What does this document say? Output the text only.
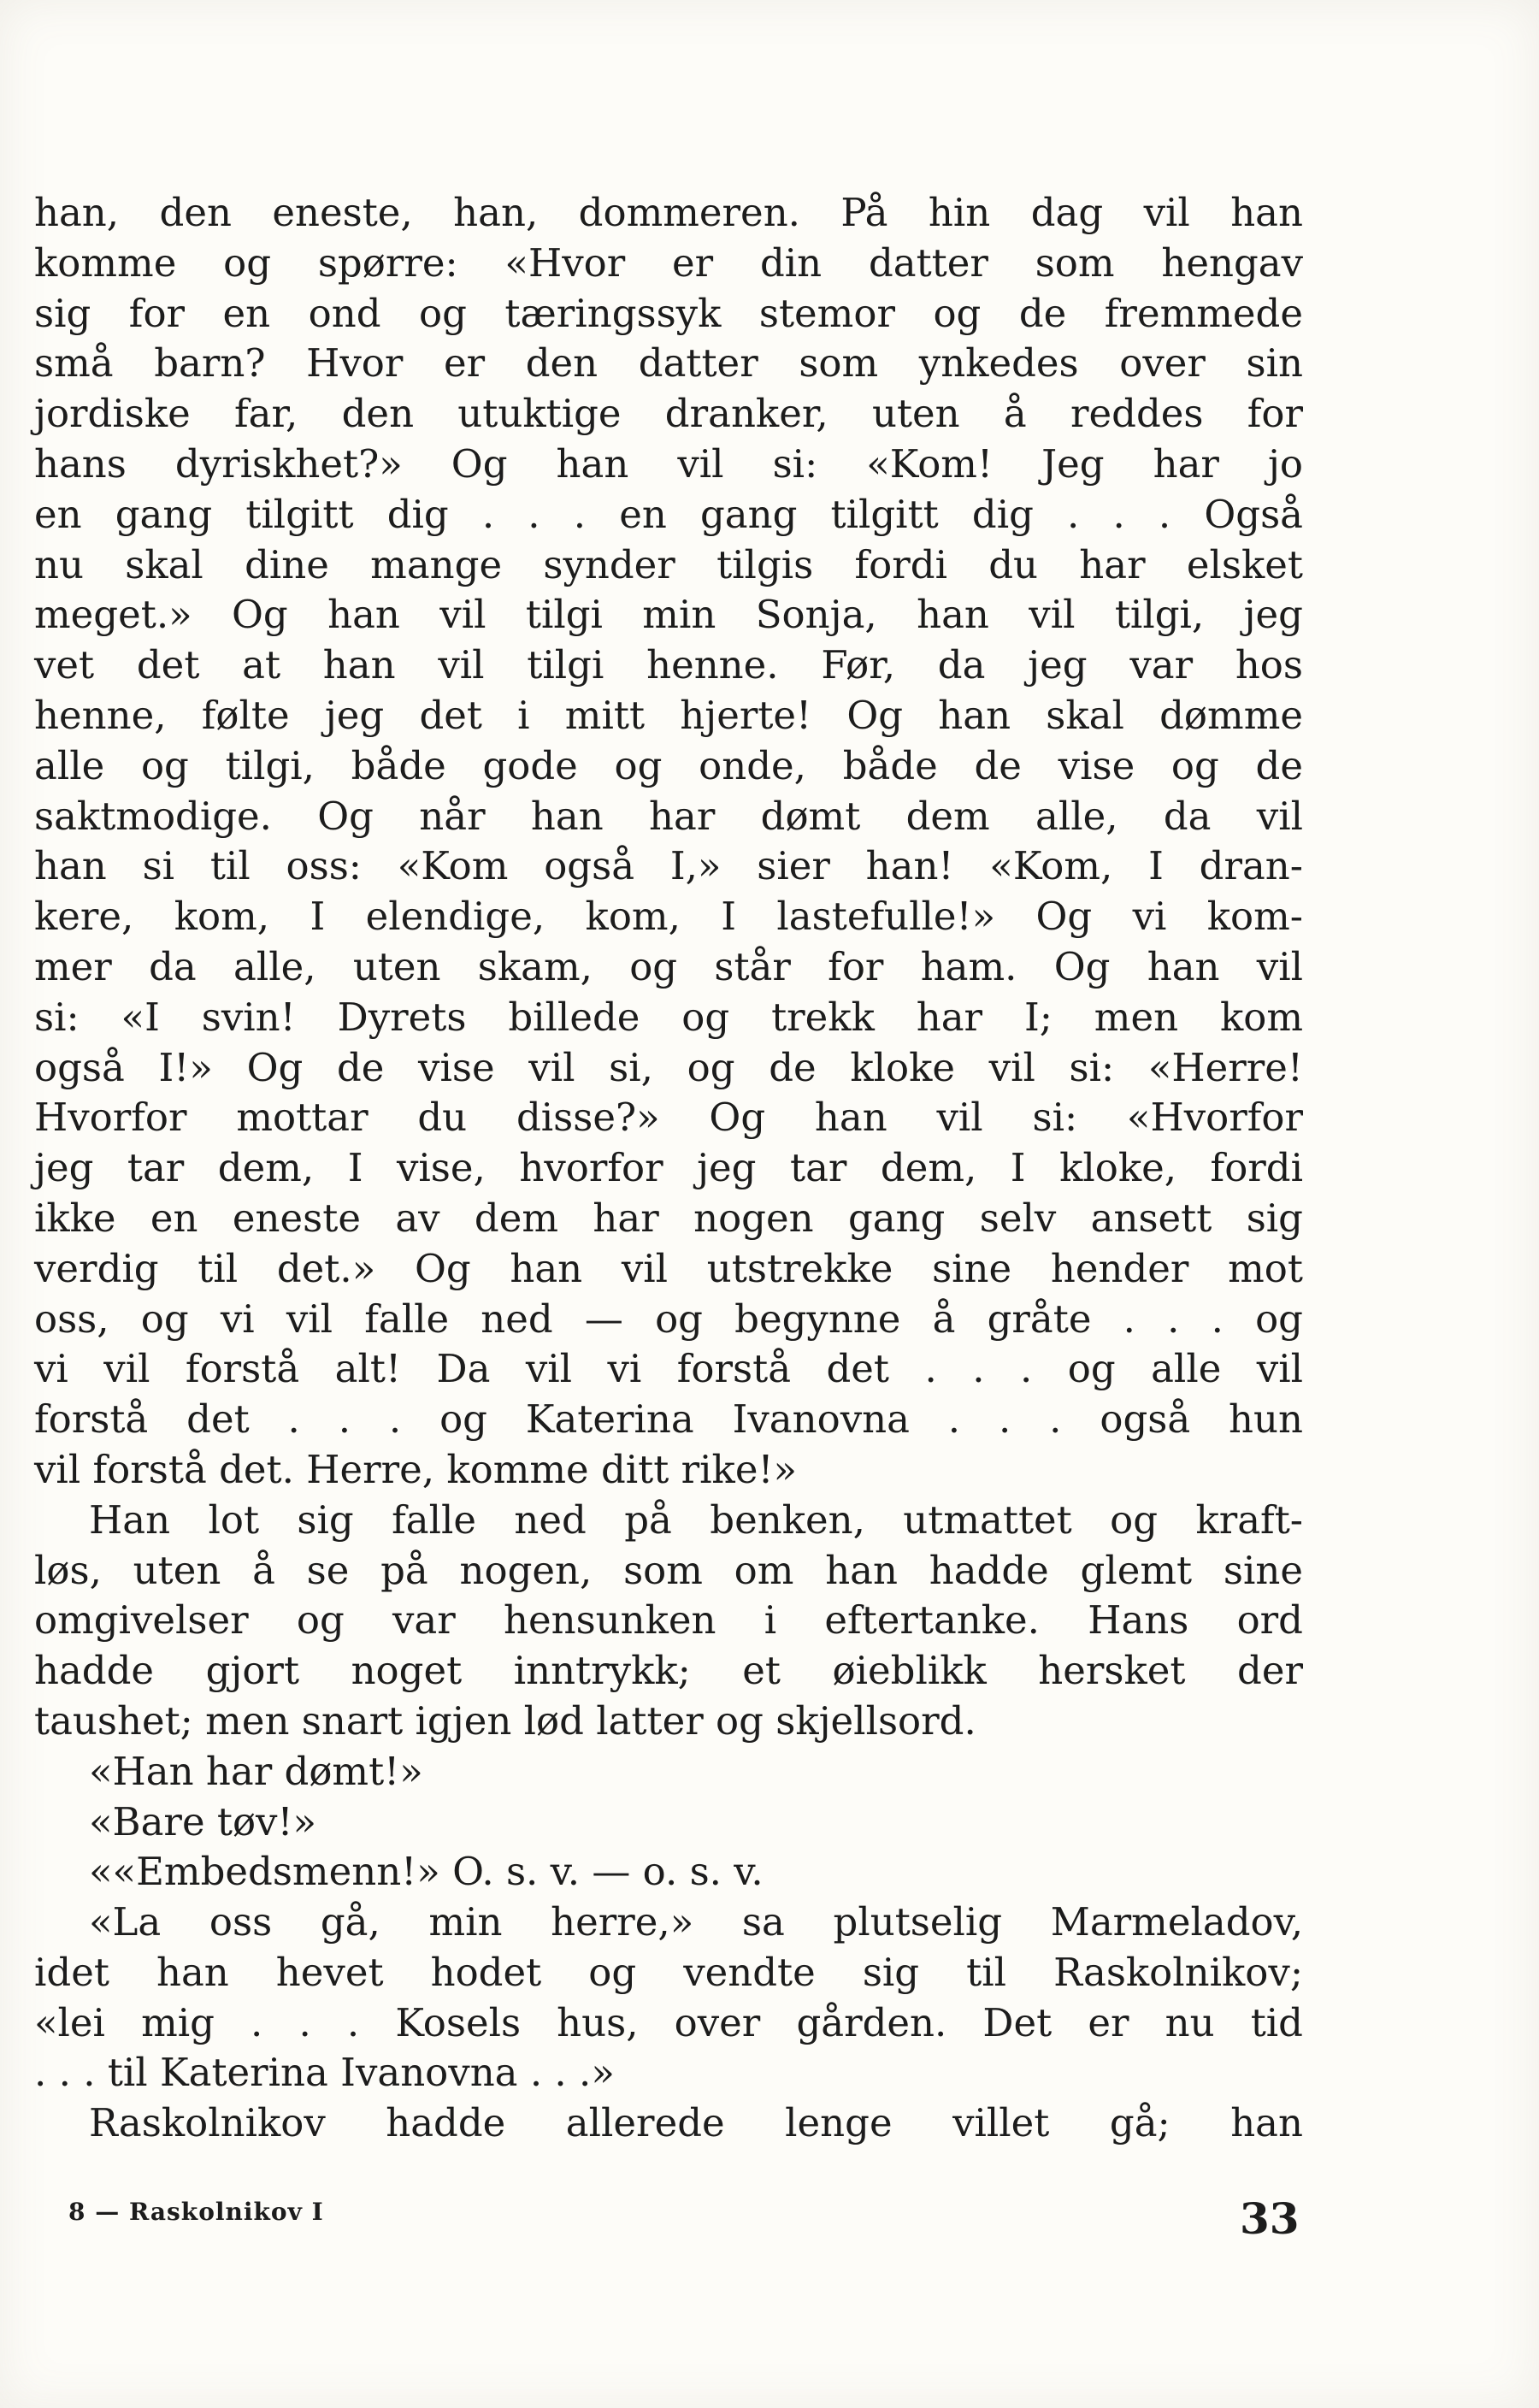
han, den eneste, han, dommeren. På hin dag vil han
komme og spørre: «Hvor er din datter som hengav
sig for en ond og tæringssyk stemor og de fremmede
små barn? Hvor er den datter som ynkedes over sin
jordiske far, den utuktige dranker, uten å reddes for
hans dyriskhet?» Og han vil si: «Kom! Jeg har jo
en gang tilgitt dig . . . en gang tilgitt dig . . . Også
nu skal dine mange synder tilgis fordi du har elsket
meget.» Og han vil tilgi min Sonja, han vil tilgi, jeg
vet det at han vil tilgi henne. Før, da jeg var hos
henne, følte jeg det i mitt hjerte! Og han skal dømme
alle og tilgi, både gode og onde, både de vise og de
saktmodige. Og når han har dømt dem alle, da vil
han si til oss: «Kom også I,» sier han! «Kom, I dran-
kere, kom, I elendige, kom, I lastefulle!» Og vi kom-
mer da alle, uten skam, og står for ham. Og han vil
si: «I svin! Dyrets billede og trekk har I; men kom
også I!» Og de vise vil si, og de kloke vil si: «Herre!
Hvorfor mottar du disse?» Og han vil si: «Hvorfor
jeg tar dem, I vise, hvorfor jeg tar dem, I kloke, fordi
ikke en eneste av dem har nogen gang selv ansett sig
verdig til det.» Og han vil utstrekke sine hender mot
oss, og vi vil falle ned — og begynne å gråte . . . og
vi vil forstå alt! Da vil vi forstå det . . . og alle vil
forstå det . . . og Katerina Ivanovna . . . også hun
vil forstå det. Herre, komme ditt rike!»
Han lot sig falle ned på benken, utmattet og kraft-
løs, uten å se på nogen, som om han hadde glemt sine
omgivelser og var hensunken i eftertanke. Hans ord
hadde gjort noget inntrykk; et øieblikk hersket der
taushet; men snart igjen lød latter og skjellsord.
«Han har dømt!»
«Bare tøv!»
««Embedsmenn!» O. s. v. — o. s. v.
«La oss gå, min herre,» sa plutselig Marmeladov,
idet han hevet hodet og vendte sig til Raskolnikov;
«lei mig . . . Kosels hus, over gården. Det er nu tid
. . . til Katerina Ivanovna . . .»
Raskolnikov hadde allerede lenge villet gå; han
8 — Raskolnikov I	33
